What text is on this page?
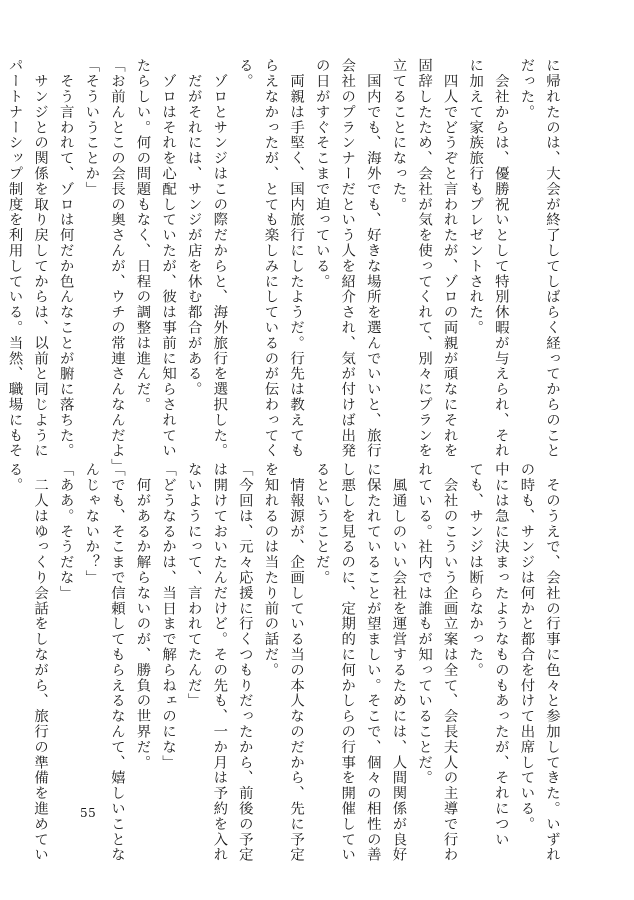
に帰れたのは、大会が終了してしばらく経ってからのこと
だった。
　会社からは、優勝祝いとして特別休暇が与えられ、それ
に加えて家族旅行もプレゼントされた。
　四人でどうぞと言われたが、ゾロの両親が頑なにそれを
固辞したため、会社が気を使ってくれて、別々にプランを
立てることになった。
　国内でも、海外でも、好きな場所を選んでいいと、旅行
会社のプランナーだという人を紹介され、気が付けば出発
の日がすぐそこまで迫っている。
　両親は手堅く、国内旅行にしたようだ。行先は教えても
らえなかったが、とても楽しみにしているのが伝わってく
る。
　ゾロとサンジはこの際だからと、海外旅行を選択した。
　だがそれには、サンジが店を休む都合がある。
　ゾロはそれを心配していたが、彼は事前に知らされてい
たらしい。何の問題もなく、日程の調整は進んだ。
「お前んとこの会長の奥さんが、ウチの常連さんなんだよ」
「そういうことか」
　そう言われて、ゾロは何だか色んなことが腑に落ちた。
　サンジとの関係を取り戻してからは、以前と同じように
パートナーシップ制度を利用している。当然、職場にもそ
　そのうえで、会社の行事に色々と参加してきた。いずれ
の時も、サンジは何かと都合を付けて出席している。
中には急に決まったようなものもあったが、それについ
ても、サンジは断らなかった。
　会社のこういう企画立案は全て、会長夫人の主導で行わ
れている。社内では誰もが知っていることだ。
　風通しのいい会社を運営するためには、人間関係が良好
に保たれていることが望ましい。そこで、個々の相性の善
し悪しを見るのに、定期的に何かしらの行事を開催してい
るということだ。
　情報源が、企画している当の本人なのだから、先に予定
を知れるのは当たり前の話だ。
「今回は、元々応援に行くつもりだったから、前後の予定
は開けておいたんだけど。その先も、一か月は予約を入れ
ないようにって、言われてたんだ」
「どうなるかは、当日まで解らねェのにな」
　何があるか解らないのが、勝負の世界だ。
「でも、そこまで信頼してもらえるなんて、嬉しいことな
んじゃないか？」
「ああ。そうだな」
　二人はゆっくり会話をしながら、旅行の準備を進めてい
る。
55
